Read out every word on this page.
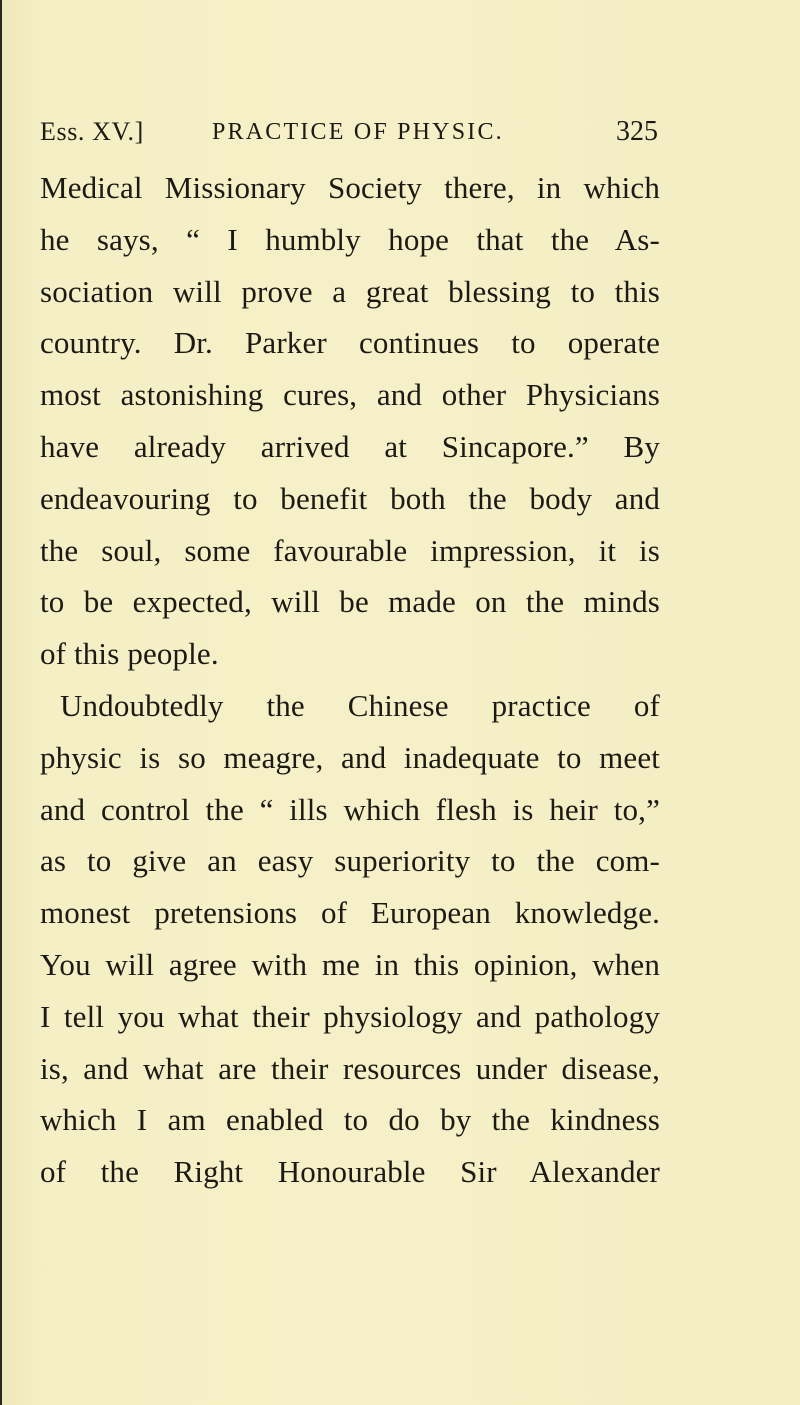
Ess. XV.]	PRACTICE OF PHYSIC.	325
Medical Missionary Society there, in which
he says, “ I humbly hope that the As-
sociation will prove a great blessing to this
country. Dr. Parker continues to operate
most astonishing cures, and other Physicians
have already arrived at Sincapore.” By
endeavouring to benefit both the body and
the soul, some favourable impression, it is
to be expected, will be made on the minds
of this people.
Undoubtedly the Chinese practice of
physic is so meagre, and inadequate to meet
and control the “ ills which flesh is heir to,”
as to give an easy superiority to the com-
monest pretensions of European knowledge.
You will agree with me in this opinion, when
I tell you what their physiology and pathology
is, and what are their resources under disease,
which I am enabled to do by the kindness
of the Right Honourable Sir Alexander
